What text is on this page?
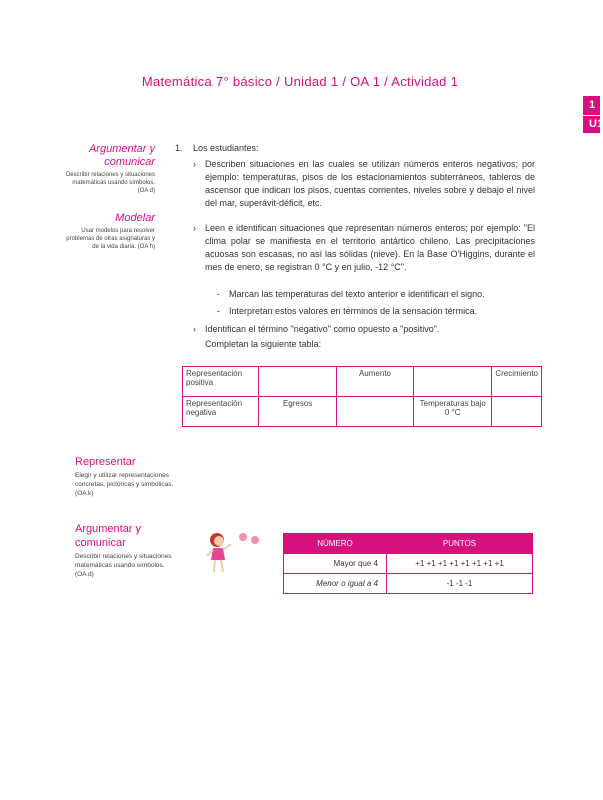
Matemática 7° básico / Unidad 1 / OA 1 / Actividad 1
1
U1
Argumentar y comunicar

Describir relaciones y situaciones matemáticas usando símbolos. (OA d)

Modelar

Usar modelos para resolver problemas de otras asignaturas y de la vida diaria. (OA h)

1. Los estudiantes:
› Describen situaciones en las cuales se utilizan números enteros negativos; por ejemplo: temperaturas, pisos de los estacionamientos subterráneos, tableros de ascensor que indican los pisos, cuentas corrientes, niveles sobre y debajo el nivel del mar, superávit-déficit, etc.
› Leen e identifican situaciones que representan números enteros; por ejemplo: "El clima polar se manifiesta en el territorio antártico chileno. Las precipitaciones acuosas son escasas, no así las sólidas (nieve). En la Base O'Higgins, durante el mes de enero, se registran 0 °C y en julio, -12 °C".
- Marcan las temperaturas del texto anterior e identifican el signo.
- Interpretan estos valores en términos de la sensación térmica.
› Identifican el término "negativo" como opuesto a "positivo".
Completan la siguiente tabla:
Representación positiva		Aumento		Crecimiento
Representación negativa	Egresos		Temperaturas bajo 0 °C	
Representar

Elegir y utilizar representaciones concretas, pictóricas y simbólicas. (OA k)

Argumentar y comunicar

Describir relaciones y situaciones matemáticas usando símbolos. (OA d)

NÚMERO	PUNTOS
Mayor que 4	+1 +1 +1 +1 +1 +1 +1 +1
Menor o igual a 4	-1 -1 -1
